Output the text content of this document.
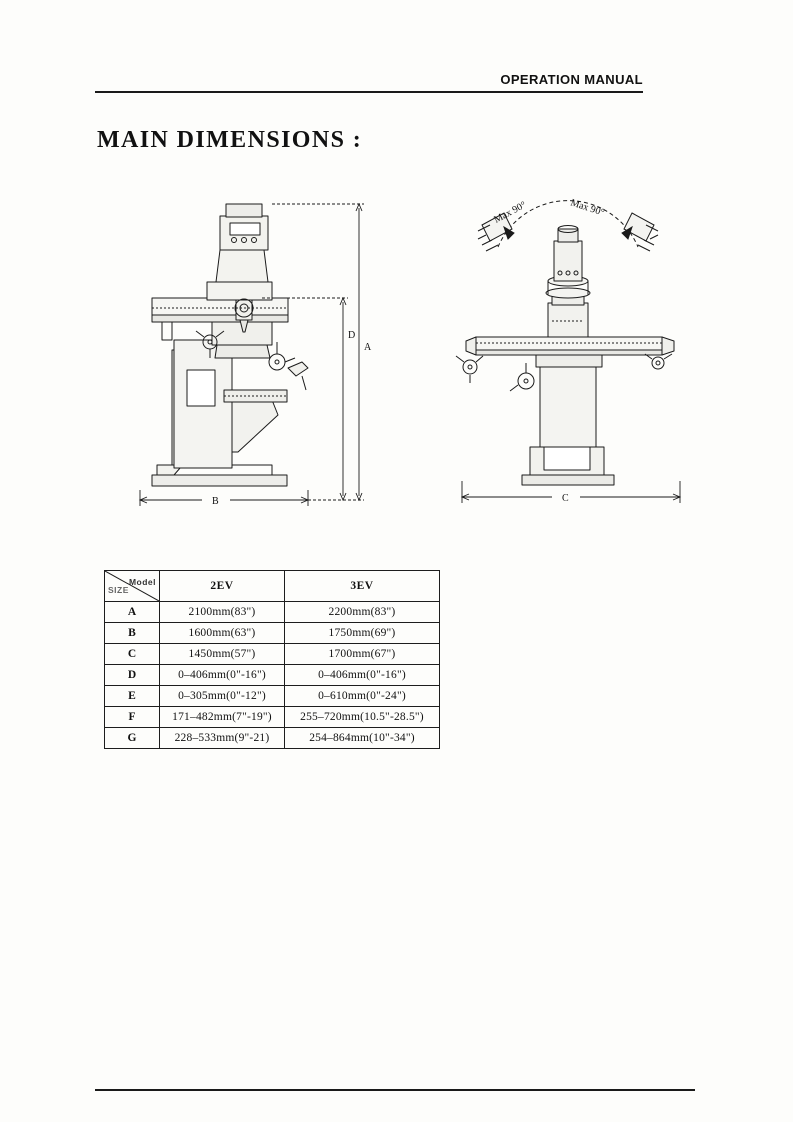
OPERATION MANUAL
MAIN DIMENSIONS :
D
A
B
Max 90°	Max 90°
C
Model
SIZE	2EV	3EV
A	2100mm(83")	2200mm(83")
B	1600mm(63")	1750mm(69")
C	1450mm(57")	1700mm(67")
D	0–406mm(0"-16")	0–406mm(0"-16")
E	0–305mm(0"-12")	0–610mm(0"-24")
F	171–482mm(7"-19")	255–720mm(10.5"-28.5")
G	228–533mm(9"-21)	254–864mm(10"-34")
